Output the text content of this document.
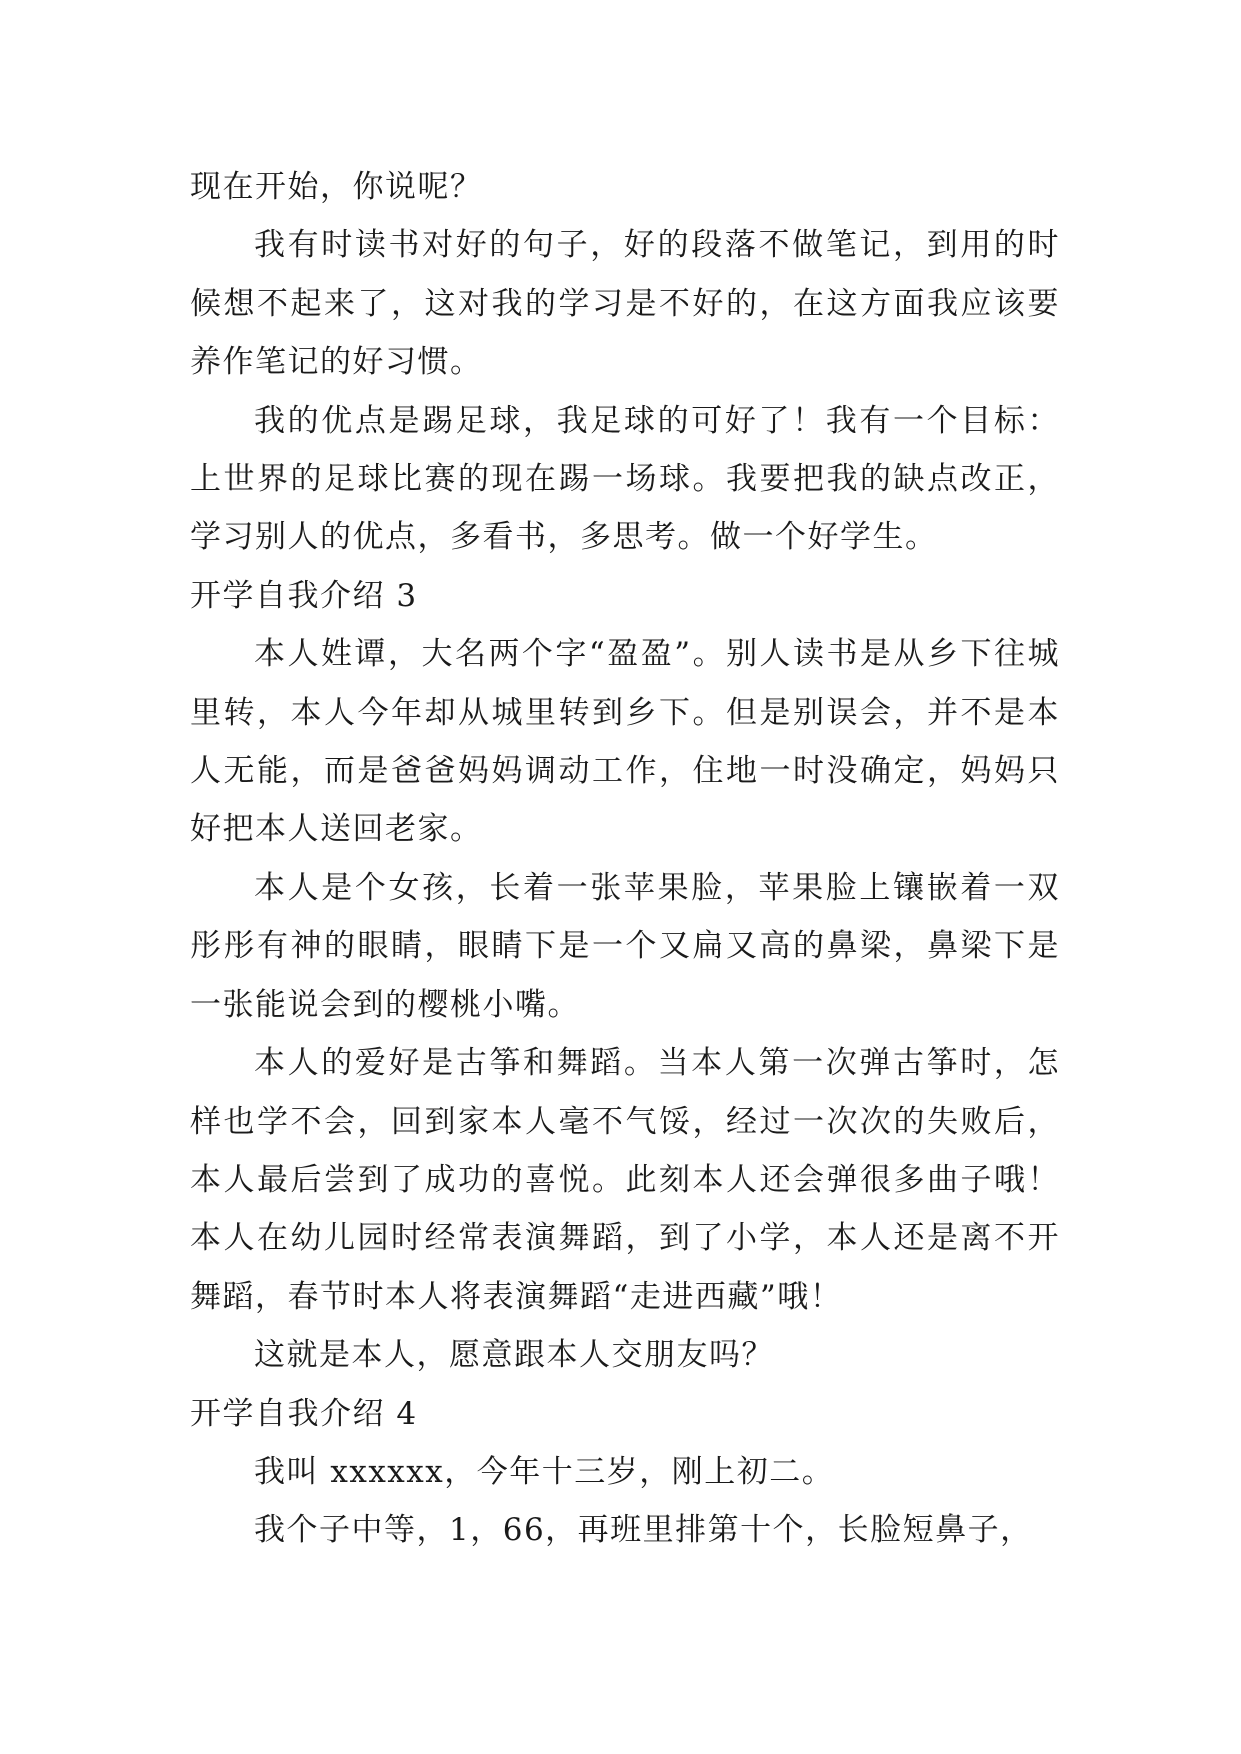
现在开始，你说呢？

我有时读书对好的句子，好的段落不做笔记，到用的时候想不起来了，这对我的学习是不好的，在这方面我应该要养作笔记的好习惯。

我的优点是踢足球，我足球的可好了！我有一个目标：上世界的足球比赛的现在踢一场球。我要把我的缺点改正，学习别人的优点，多看书，多思考。做一个好学生。

开学自我介绍 3

本人姓谭，大名两个字“盈盈”。别人读书是从乡下往城里转，本人今年却从城里转到乡下。但是别误会，并不是本人无能，而是爸爸妈妈调动工作，住地一时没确定，妈妈只好把本人送回老家。

本人是个女孩，长着一张苹果脸，苹果脸上镶嵌着一双彤彤有神的眼睛，眼睛下是一个又扁又高的鼻梁，鼻梁下是一张能说会到的樱桃小嘴。

本人的爱好是古筝和舞蹈。当本人第一次弹古筝时，怎样也学不会，回到家本人毫不气馁，经过一次次的失败后，本人最后尝到了成功的喜悦。此刻本人还会弹很多曲子哦！本人在幼儿园时经常表演舞蹈，到了小学，本人还是离不开舞蹈，春节时本人将表演舞蹈“走进西藏”哦！

这就是本人，愿意跟本人交朋友吗？

开学自我介绍 4

我叫 xxxxxx，今年十三岁，刚上初二。

我个子中等，1，66，再班里排第十个，长脸短鼻子，
